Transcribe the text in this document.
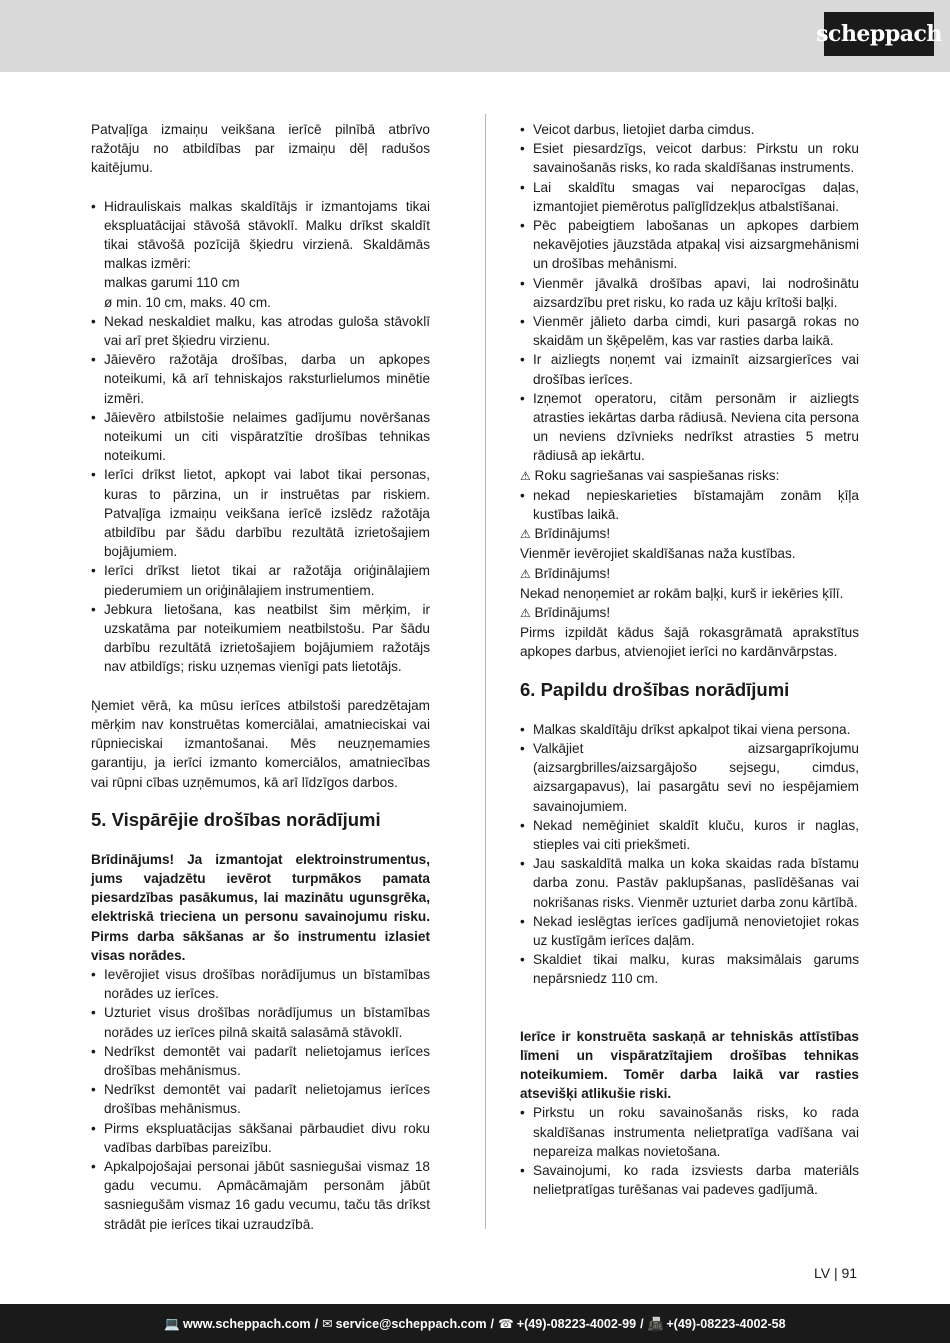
scheppach

Patvaļīga izmaiņu veikšana ierīcē pilnībā atbrīvo ražotāju no atbildības par izmaiņu dēļ radušos kaitējumu.

• Hidrauliskais malkas skaldītājs ir izmantojams tikai ekspluatācijai stāvošā stāvoklī. Malku drīkst skaldīt tikai stāvošā pozīcijā šķiedru virzienā. Skaldāmās malkas izmēri:
malkas garumi 110 cm
ø min. 10 cm, maks. 40 cm.
• Nekad neskaldiet malku, kas atrodas guloša stāvoklī vai arī pret šķiedru virzienu.
• Jāievēro ražotāja drošības, darba un apkopes noteikumi, kā arī tehniskajos raksturlielumos minētie izmēri.
• Jāievēro atbilstošie nelaimes gadījumu novēršanas noteikumi un citi vispāratzītie drošības tehnikas noteikumi.
• Ierīci drīkst lietot, apkopt vai labot tikai personas, kuras to pārzina, un ir instruētas par riskiem. Patvaļīga izmaiņu veikšana ierīcē izslēdz ražotāja atbildību par šādu darbību rezultātā izrietošajiem bojājumiem.
• Ierīci drīkst lietot tikai ar ražotāja oriģinālajiem piederumiem un oriģinālajiem instrumentiem.
• Jebkura lietošana, kas neatbilst šim mērķim, ir uzskatāma par noteikumiem neatbilstošu. Par šādu darbību rezultātā izrietošajiem bojājumiem ražotājs nav atbildīgs; risku uzņemas vienīgi pats lietotājs.

Ņemiet vērā, ka mūsu ierīces atbilstoši paredzētajam mērķim nav konstruētas komerciālai, amatnieciskai vai rūpnieciskai izmantošanai. Mēs neuzņemamies garantiju, ja ierīci izmanto komerciālos, amatniecības vai rūpni cības uzņēmumos, kā arī līdzīgos darbos.

5. Vispārējie drošības norādījumi

Brīdinājums! Ja izmantojat elektroinstrumentus, jums vajadzētu ievērot turpmākos pamata piesardzības pasākumus, lai mazinātu ugunsgrēka, elektriskā trieciena un personu savainojumu risku. Pirms darba sākšanas ar šo instrumentu izlasiet visas norādes.

• Ievērojiet visus drošības norādījumus un bīstamības norādes uz ierīces.
• Uzturiet visus drošības norādījumus un bīstamības norādes uz ierīces pilnā skaitā salasāmā stāvoklī.
• Nedrīkst demontēt vai padarīt nelietojamus ierīces drošības mehānismus.
• Nedrīkst demontēt vai padarīt nelietojamus ierīces drošības mehānismus.
• Pirms ekspluatācijas sākšanai pārbaudiet divu roku vadības darbības pareizību.
• Apkalpojošajai personai jābūt sasniegušai vismaz 18 gadu vecumu. Apmācāmajām personām jābūt sasniegušām vismaz 16 gadu vecumu, taču tās drīkst strādāt pie ierīces tikai uzraudzībā.
• Veicot darbus, lietojiet darba cimdus.
• Esiet piesardzīgs, veicot darbus: Pirkstu un roku savainošanās risks, ko rada skaldīšanas instruments.
• Lai skaldītu smagas vai neparocīgas daļas, izmantojiet piemērotus palīglīdzekļus atbalstīšanai.
• Pēc pabeigtiem labošanas un apkopes darbiem nekavējoties jāuzstāda atpakaļ visi aizsargmehānismi un drošības mehānismi.
• Vienmēr jāvalkā drošības apavi, lai nodrošinātu aizsardzību pret risku, ko rada uz kāju krītoši baļķi.
• Vienmēr jālieto darba cimdi, kuri pasargā rokas no skaidām un šķēpelēm, kas var rasties darba laikā.
• Ir aizliegts noņemt vai izmainīt aizsargierīces vai drošības ierīces.
• Izņemot operatoru, citām personām ir aizliegts atrasties iekārtas darba rādiusā. Neviena cita persona un neviens dzīvnieks nedrīkst atrasties 5 metru rādiusā ap iekārtu.

⚠ Roku sagriešanas vai saspiešanas risks:

• nekad nepieskarieties bīstamajām zonām ķīļa kustības laikā.

⚠ Brīdinājums!

Vienmēr ievērojiet skaldīšanas naža kustības.

⚠ Brīdinājums!

Nekad nenoņemiet ar rokām baļķi, kurš ir iekēries ķīlī.

⚠ Brīdinājums!

Pirms izpildāt kādus šajā rokasgrāmatā aprakstītus apkopes darbus, atvienojiet ierīci no kardānvārpstas.

6. Papildu drošības norādījumi
• Malkas skaldītāju drīkst apkalpot tikai viena persona.
• Valkājiet aizsargaprīkojumu (aizsargbrilles/aizsargājošo sejsegu, cimdus, aizsargapavus), lai pasargātu sevi no iespējamiem savainojumiem.
• Nekad nemēģiniet skaldīt kluču, kuros ir naglas, stieples vai citi priekšmeti.
• Jau saskaldītā malka un koka skaidas rada bīstamu darba zonu. Pastāv paklupšanas, paslīdēšanas vai nokrišanas risks. Vienmēr uzturiet darba zonu kārtībā.
• Nekad ieslēgtas ierīces gadījumā nenovietojiet rokas uz kustīgām ierīces daļām.
• Skaldiet tikai malku, kuras maksimālais garums nepārsniedz 110 cm.

Ierīce ir konstruēta saskaņā ar tehniskās attīstības līmeni un vispāratzītajiem drošības tehnikas noteikumiem. Tomēr darba laikā var rasties atsevišķi atlikušie riski.

• Pirkstu un roku savainošanās risks, ko rada skaldīšanas instrumenta nelietpratīga vadīšana vai nepareiza malkas novietošana.
• Savainojumi, ko rada izsviests darba materiāls nelietpratīgas turēšanas vai padeves gadījumā.
LV | 91
💻 www.scheppach.com / ✉ service@scheppach.com / ☎ +(49)-08223-4002-99 / 📠 +(49)-08223-4002-58
